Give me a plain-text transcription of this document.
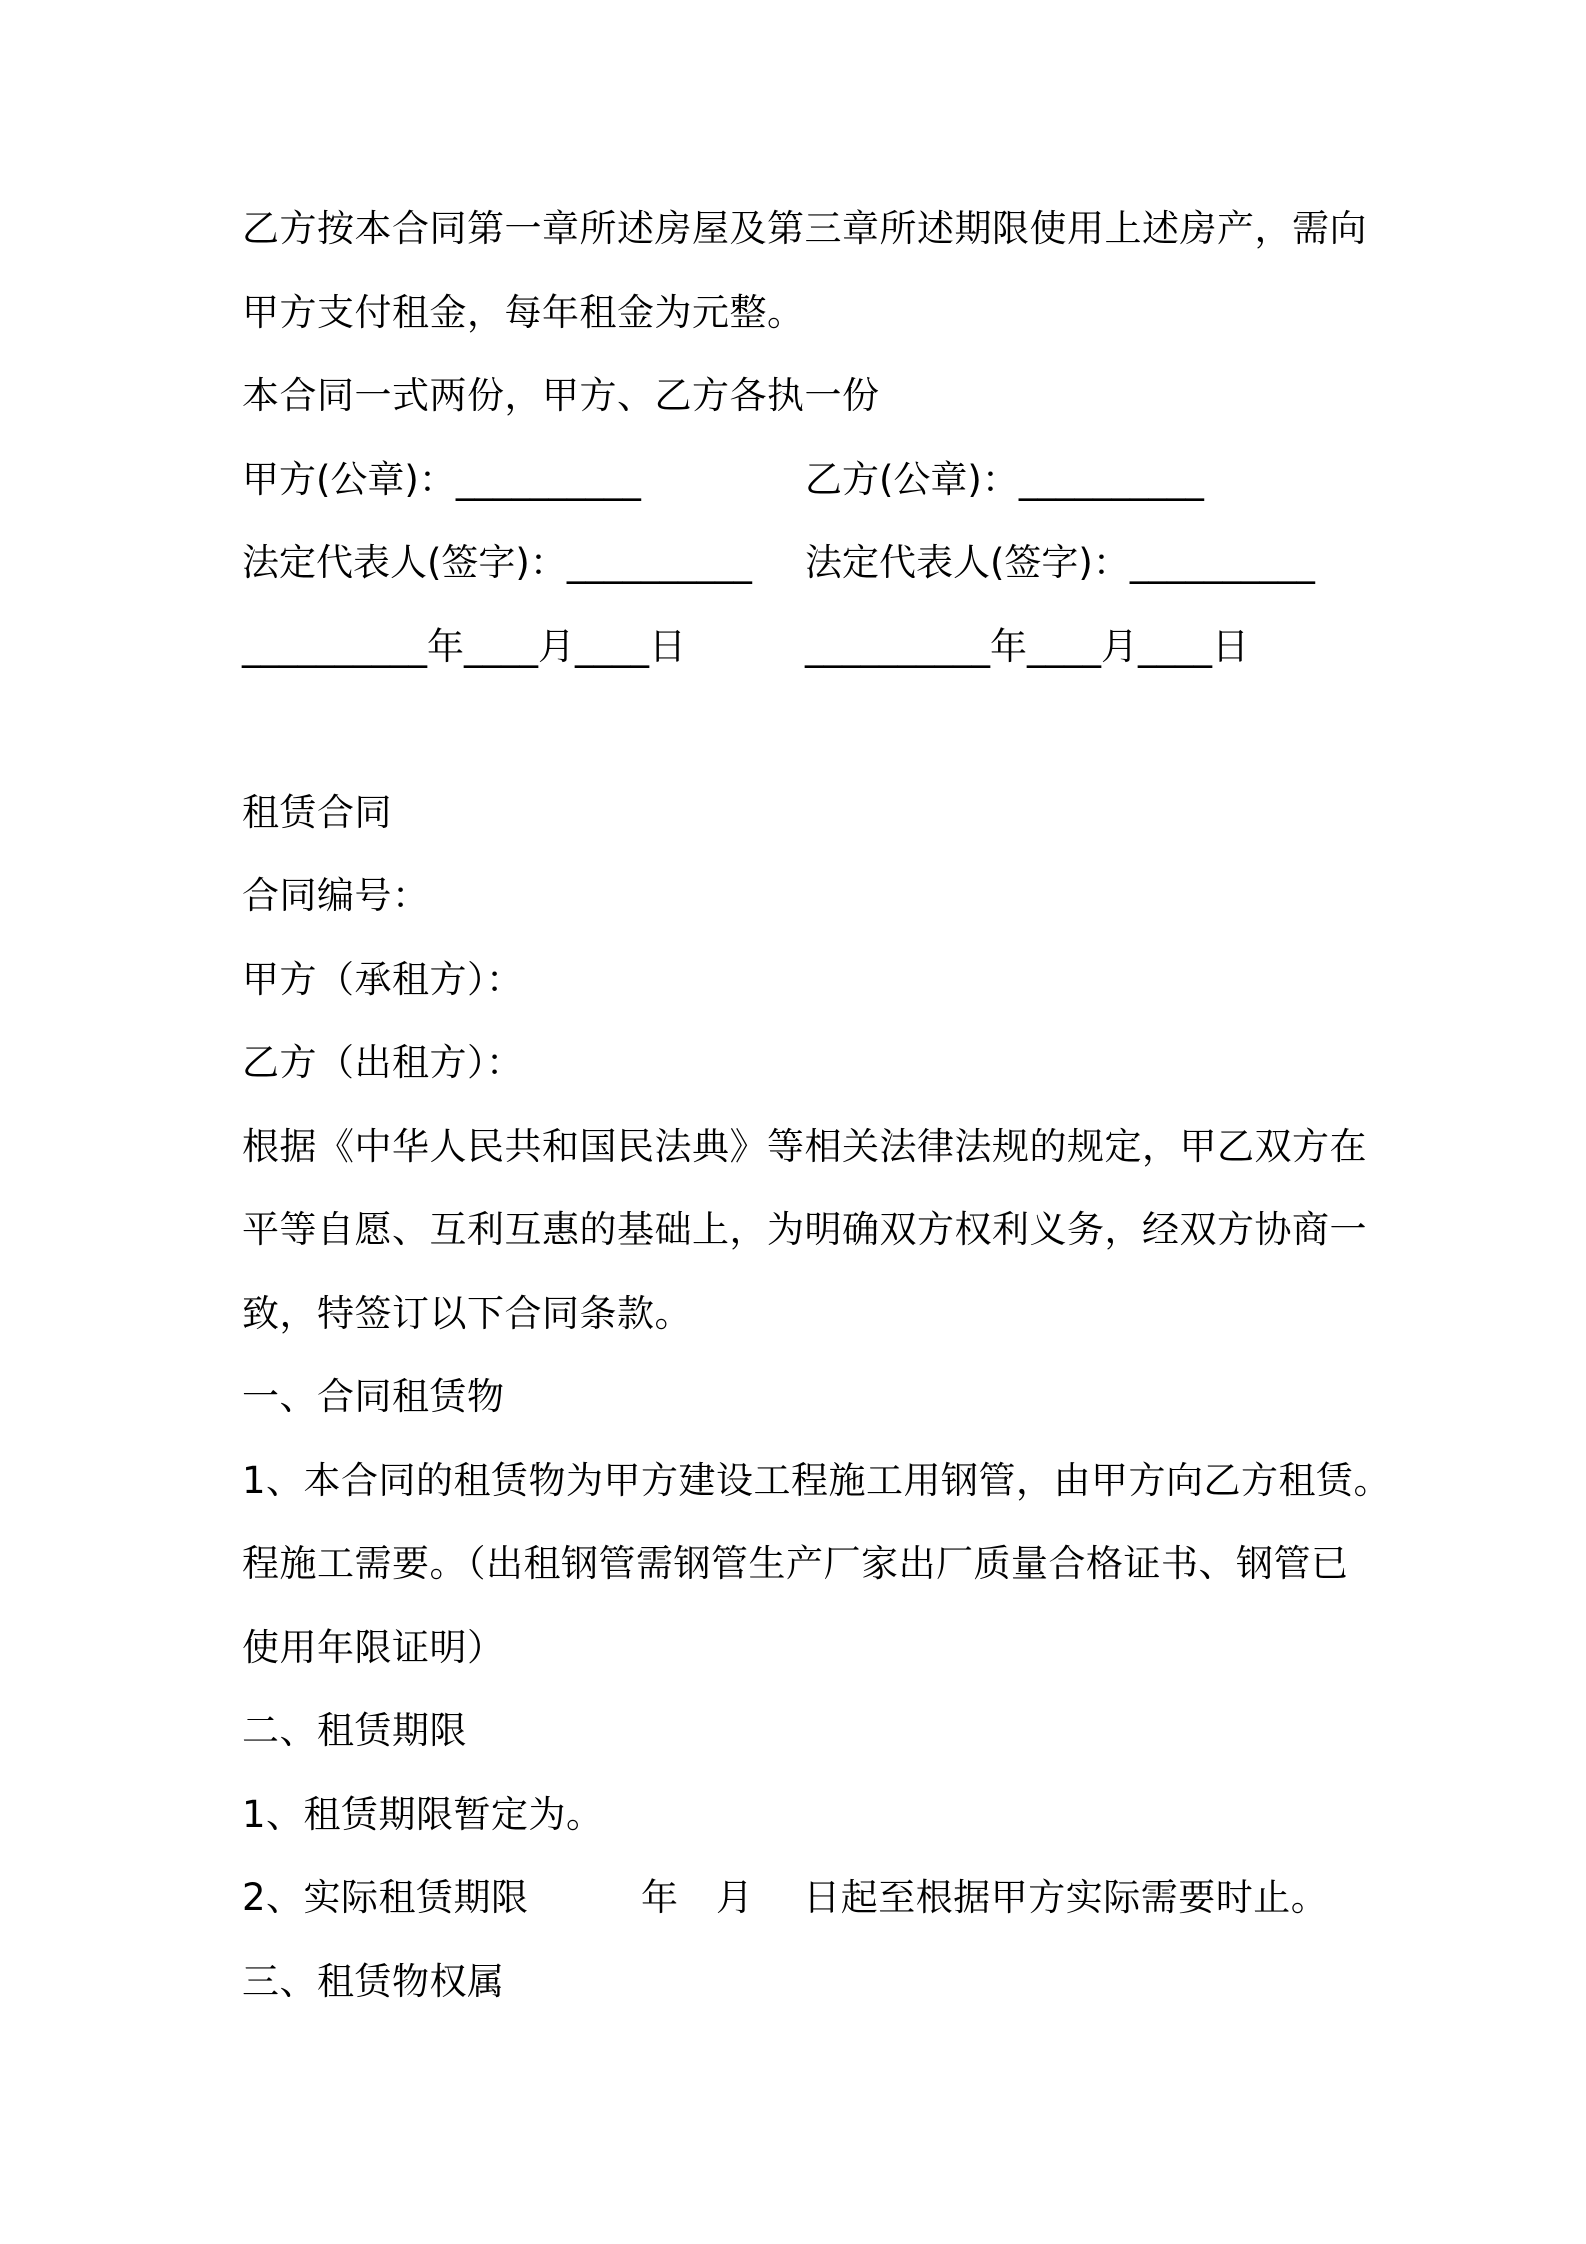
乙方按本合同第一章所述房屋及第三章所述期限使用上述房产，需向
甲方支付租金，每年租金为元整。
本合同一式两份，甲方、乙方各执一份
甲方(公章)：__________	乙方(公章)：__________
法定代表人(签字)：__________ 法定代表人(签字)：__________
__________年____月____日	__________年____月____日
租赁合同
合同编号：
甲方（承租方）：
乙方（出租方）：
根据《中华人民共和国民法典》等相关法律法规的规定，甲乙双方在
平等自愿、互利互惠的基础上，为明确双方权利义务，经双方协商一
致，特签订以下合同条款。
一、合同租赁物
1、本合同的租赁物为甲方建设工程施工用钢管，由甲方向乙方租赁。
程施工需要。（出租钢管需钢管生产厂家出厂质量合格证书、钢管已
使用年限证明）
二、租赁期限
1、租赁期限暂定为。
2、实际租赁期限　　　年　月　 日起至根据甲方实际需要时止。
三、租赁物权属
